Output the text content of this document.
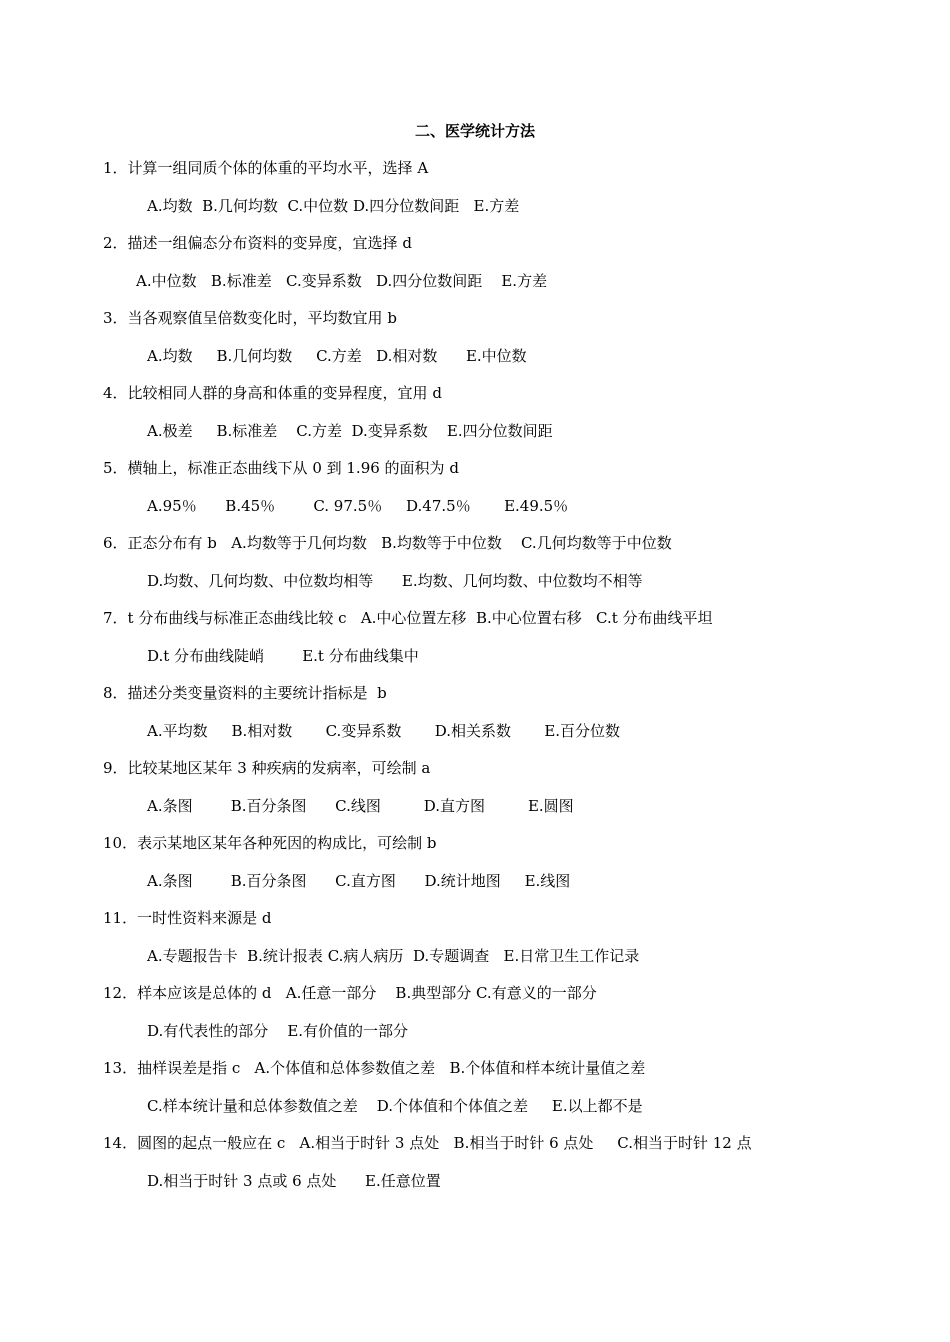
二、医学统计方法
1．计算一组同质个体的体重的平均水平，选择 A
A.均数  B.几何均数  C.中位数 D.四分位数间距   E.方差
2．描述一组偏态分布资料的变异度，宜选择 d
A.中位数   B.标准差   C.变异系数   D.四分位数间距    E.方差
3．当各观察值呈倍数变化时，平均数宜用 b
A.均数     B.几何均数     C.方差   D.相对数      E.中位数
4．比较相同人群的身高和体重的变异程度，宜用 d
A.极差     B.标准差    C.方差  D.变异系数    E.四分位数间距
5．横轴上，标准正态曲线下从 0 到 1.96 的面积为 d
A.95％      B.45％        C. 97.5％     D.47.5％       E.49.5％
6．正态分布有 b   A.均数等于几何均数   B.均数等于中位数    C.几何均数等于中位数
D.均数、几何均数、中位数均相等      E.均数、几何均数、中位数均不相等
7．t 分布曲线与标准正态曲线比较 c   A.中心位置左移  B.中心位置右移   C.t 分布曲线平坦
D.t 分布曲线陡峭        E.t 分布曲线集中
8．描述分类变量资料的主要统计指标是  b
A.平均数     B.相对数       C.变异系数       D.相关系数       E.百分位数
9．比较某地区某年 3 种疾病的发病率，可绘制 a
A.条图        B.百分条图      C.线图         D.直方图         E.圆图
10．表示某地区某年各种死因的构成比，可绘制 b
A.条图        B.百分条图      C.直方图      D.统计地图     E.线图
11．一时性资料来源是 d
A.专题报告卡  B.统计报表 C.病人病历  D.专题调查   E.日常卫生工作记录
12．样本应该是总体的 d   A.任意一部分    B.典型部分 C.有意义的一部分
D.有代表性的部分    E.有价值的一部分
13．抽样误差是指 c   A.个体值和总体参数值之差   B.个体值和样本统计量值之差
C.样本统计量和总体参数值之差    D.个体值和个体值之差     E.以上都不是
14．圆图的起点一般应在 c   A.相当于时针 3 点处   B.相当于时针 6 点处     C.相当于时针 12 点
D.相当于时针 3 点或 6 点处      E.任意位置
